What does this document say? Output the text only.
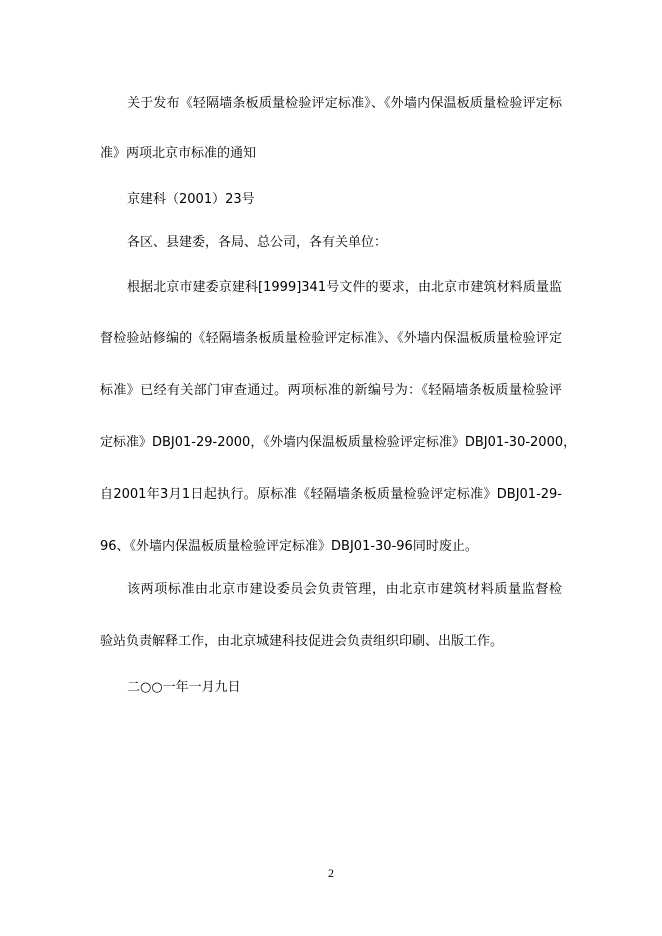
关于发布《轻隔墙条板质量检验评定标准》、《外墙内保温板质量检验评定标
准》两项北京市标准的通知
京建科（2001）23号
各区、县建委，各局、总公司，各有关单位：
根据北京市建委京建科[1999]341号文件的要求，由北京市建筑材料质量监
督检验站修编的《轻隔墙条板质量检验评定标准》、《外墙内保温板质量检验评定
标准》已经有关部门审查通过。两项标准的新编号为：《轻隔墙条板质量检验评
定标准》DBJ01-29-2000，《外墙内保温板质量检验评定标准》DBJ01-30-2000，
自2001年3月1日起执行。原标准《轻隔墙条板质量检验评定标准》DBJ01-29-
96、《外墙内保温板质量检验评定标准》DBJ01-30-96同时废止。
该两项标准由北京市建设委员会负责管理，由北京市建筑材料质量监督检
验站负责解释工作，由北京城建科技促进会负责组织印刷、出版工作。
二○○一年一月九日
2
